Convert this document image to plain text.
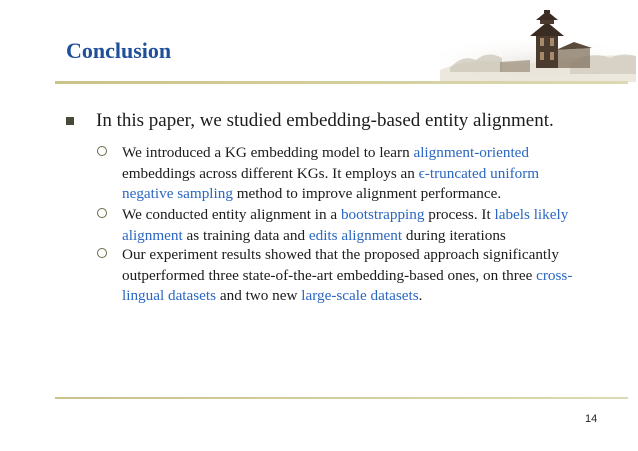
Conclusion
In this paper, we studied embedding-based entity alignment.
We introduced a KG embedding model to learn alignment-oriented embeddings across different KGs. It employs an ϵ-truncated uniform negative sampling method to improve alignment performance.
We conducted entity alignment in a bootstrapping process. It labels likely alignment as training data and edits alignment during iterations
Our experiment results showed that the proposed approach significantly outperformed three state-of-the-art embedding-based ones, on three cross-lingual datasets and two new large-scale datasets.
14
